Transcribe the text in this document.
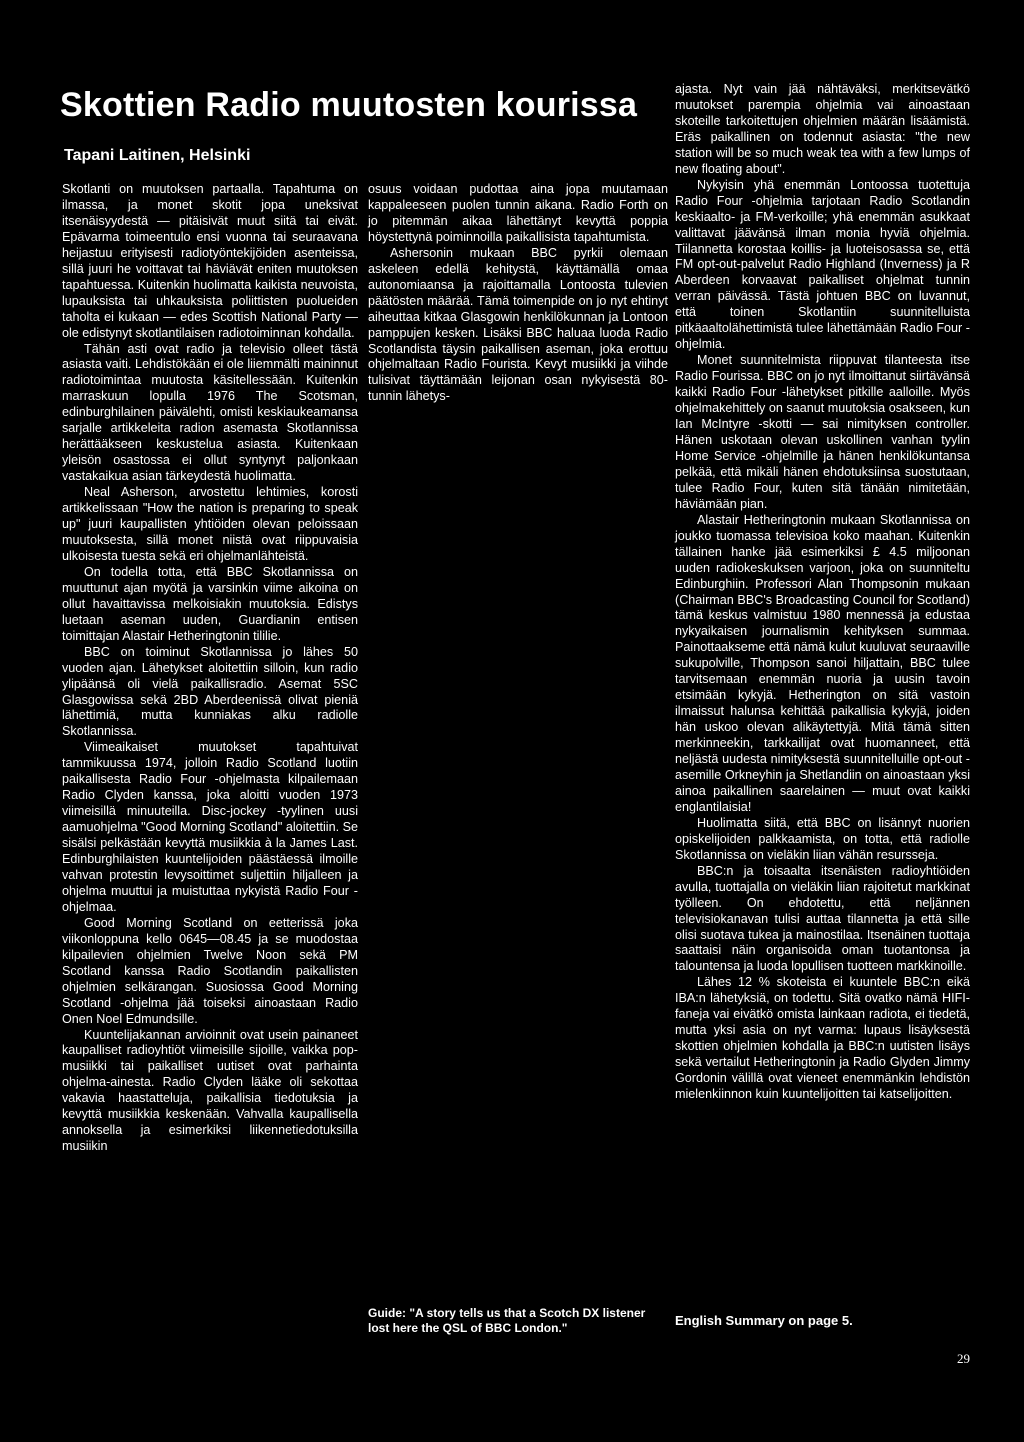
Skottien Radio muutosten kourissa
Tapani Laitinen, Helsinki

Skotlanti on muutoksen partaalla. Tapahtuma on ilmassa, ja monet skotit jopa uneksivat itsenäisyydestä — pitäisivät muut siitä tai eivät. Epävarma toimeentulo ensi vuonna tai seuraavana heijastuu erityisesti radiotyöntekijöiden asenteissa, sillä juuri he voittavat tai häviävät eniten muutoksen tapahtuessa. Kuitenkin huolimatta kaikista neuvoista, lupauksista tai uhkauksista poliittisten puolueiden taholta ei kukaan — edes Scottish National Party — ole edistynyt skotlantilaisen radiotoiminnan kohdalla.

Tähän asti ovat radio ja televisio olleet tästä asiasta vaiti. Lehdistökään ei ole liiemmälti maininnut radiotoimintaa muutosta käsitellessään. Kuitenkin marraskuun lopulla 1976 The Scotsman, edinburghilainen päivälehti, omisti keskiaukeamansa sarjalle artikkeleita radion asemasta Skotlannissa herättääkseen keskustelua asiasta. Kuitenkaan yleisön osastossa ei ollut syntynyt paljonkaan vastakaikua asian tärkeydestä huolimatta.

Neal Asherson, arvostettu lehtimies, korosti artikkelissaan "How the nation is preparing to speak up" juuri kaupallisten yhtiöiden olevan peloissaan muutoksesta, sillä monet niistä ovat riippuvaisia ulkoisesta tuesta sekä eri ohjelmanlähteistä.

On todella totta, että BBC Skotlannissa on muuttunut ajan myötä ja varsinkin viime aikoina on ollut havaittavissa melkoisiakin muutoksia. Edistys luetaan aseman uuden, Guardianin entisen toimittajan Alastair Hetheringtonin tililie.

BBC on toiminut Skotlannissa jo lähes 50 vuoden ajan. Lähetykset aloitettiin silloin, kun radio ylipäänsä oli vielä paikallisradio. Asemat 5SC Glasgowissa sekä 2BD Aberdeenissä olivat pieniä lähettimiä, mutta kunniakas alku radiolle Skotlannissa.

Viimeaikaiset muutokset tapahtuivat tammikuussa 1974, jolloin Radio Scotland luotiin paikallisesta Radio Four -ohjelmasta kilpailemaan Radio Clyden kanssa, joka aloitti vuoden 1973 viimeisillä minuuteilla. Disc-jockey -tyylinen uusi aamuohjelma "Good Morning Scotland" aloitettiin. Se sisälsi pelkästään kevyttä musiikkia à la James Last. Edinburghilaisten kuuntelijoiden päästäessä ilmoille vahvan protestin levysoittimet suljettiin hiljalleen ja ohjelma muuttui ja muistuttaa nykyistä Radio Four -ohjelmaa.

Good Morning Scotland on eetterissä joka viikonloppuna kello 0645—08.45 ja se muodostaa kilpailevien ohjelmien Twelve Noon sekä PM Scotland kanssa Radio Scotlandin paikallisten ohjelmien selkärangan. Suosiossa Good Morning Scotland -ohjelma jää toiseksi ainoastaan Radio Onen Noel Edmundsille.

Kuuntelijakannan arvioinnit ovat usein painaneet kaupalliset radioyhtiöt viimeisille sijoille, vaikka pop-musiikki tai paikalliset uutiset ovat parhainta ohjelma-ainesta. Radio Clyden lääke oli sekottaa vakavia haastatteluja, paikallisia tiedotuksia ja kevyttä musiikkia keskenään. Vahvalla kaupallisella annoksella ja esimerkiksi liikennetiedotuksilla musiikin

osuus voidaan pudottaa aina jopa muutamaan kappaleeseen puolen tunnin aikana. Radio Forth on jo pitemmän aikaa lähettänyt kevyttä poppia höystettynä poiminnoilla paikallisista tapahtumista.

Ashersonin mukaan BBC pyrkii olemaan askeleen edellä kehitystä, käyttämällä omaa autonomiaansa ja rajoittamalla Lontoosta tulevien päätösten määrää. Tämä toimenpide on jo nyt ehtinyt aiheuttaa kitkaa Glasgowin henkilökunnan ja Lontoon pamppujen kesken. Lisäksi BBC haluaa luoda Radio Scotlandista täysin paikallisen aseman, joka erottuu ohjelmaltaan Radio Fourista. Kevyt musiikki ja viihde tulisivat täyttämään leijonan osan nykyisestä 80-tunnin lähetys-

Guide: "A story tells us that a Scotch DX listener lost here the QSL of BBC London."

ajasta. Nyt vain jää nähtäväksi, merkitsevätkö muutokset parempia ohjelmia vai ainoastaan skoteille tarkoitettujen ohjelmien määrän lisäämistä. Eräs paikallinen on todennut asiasta: "the new station will be so much weak tea with a few lumps of new floating about".

Nykyisin yhä enemmän Lontoossa tuotettuja Radio Four -ohjelmia tarjotaan Radio Scotlandin keskiaalto- ja FM-verkoille; yhä enemmän asukkaat valittavat jäävänsä ilman monia hyviä ohjelmia. Tiilannetta korostaa koillis- ja luoteisosassa se, että FM opt-out-palvelut Radio Highland (Inverness) ja R Aberdeen korvaavat paikalliset ohjelmat tunnin verran päivässä. Tästä johtuen BBC on luvannut, että toinen Skotlantiin suunnitelluista pitkäaaltolähettimistä tulee lähettämään Radio Four -ohjelmia.

Monet suunnitelmista riippuvat tilanteesta itse Radio Fourissa. BBC on jo nyt ilmoittanut siirtävänsä kaikki Radio Four -lähetykset pitkille aalloille. Myös ohjelmakehittely on saanut muutoksia osakseen, kun Ian McIntyre -skotti — sai nimityksen controller. Hänen uskotaan olevan uskollinen vanhan tyylin Home Service -ohjelmille ja hänen henkilökuntansa pelkää, että mikäli hänen ehdotuksiinsa suostutaan, tulee Radio Four, kuten sitä tänään nimitetään, häviämään pian.

Alastair Hetheringtonin mukaan Skotlannissa on joukko tuomassa televisioa koko maahan. Kuitenkin tällainen hanke jää esimerkiksi £ 4.5 miljoonan uuden radiokeskuksen varjoon, joka on suunniteltu Edinburghiin. Professori Alan Thompsonin mukaan (Chairman BBC's Broadcasting Council for Scotland) tämä keskus valmistuu 1980 mennessä ja edustaa nykyaikaisen journalismin kehityksen summaa. Painottaakseme että nämä kulut kuuluvat seuraaville sukupolville, Thompson sanoi hiljattain, BBC tulee tarvitsemaan enemmän nuoria ja uusin tavoin etsimään kykyjä. Hetherington on sitä vastoin ilmaissut halunsa kehittää paikallisia kykyjä, joiden hän uskoo olevan alikäytettyjä. Mitä tämä sitten merkinneekin, tarkkailijat ovat huomanneet, että neljästä uudesta nimityksestä suunnitelluille opt-out -asemille Orkneyhin ja Shetlandiin on ainoastaan yksi ainoa paikallinen saarelainen — muut ovat kaikki englantilaisia!

Huolimatta siitä, että BBC on lisännyt nuorien opiskelijoiden palkkaamista, on totta, että radiolle Skotlannissa on vieläkin liian vähän resursseja.

BBC:n ja toisaalta itsenäisten radioyhtiöiden avulla, tuottajalla on vieläkin liian rajoitetut markkinat työlleen. On ehdotettu, että neljännen televisiokanavan tulisi auttaa tilannetta ja että sille olisi suotava tukea ja mainostilaa. Itsenäinen tuottaja saattaisi näin organisoida oman tuotantonsa ja talountensa ja luoda lopullisen tuotteen markkinoille.

Lähes 12 % skoteista ei kuuntele BBC:n eikä IBA:n lähetyksiä, on todettu. Sitä ovatko nämä HIFI-faneja vai eivätkö omista lainkaan radiota, ei tiedetä, mutta yksi asia on nyt varma: lupaus lisäyksestä skottien ohjelmien kohdalla ja BBC:n uutisten lisäys sekä vertailut Hetheringtonin ja Radio Glyden Jimmy Gordonin välillä ovat vieneet enemmänkin lehdistön mielenkiinnon kuin kuuntelijoitten tai katselijoitten.

English Summary on page 5.
29
